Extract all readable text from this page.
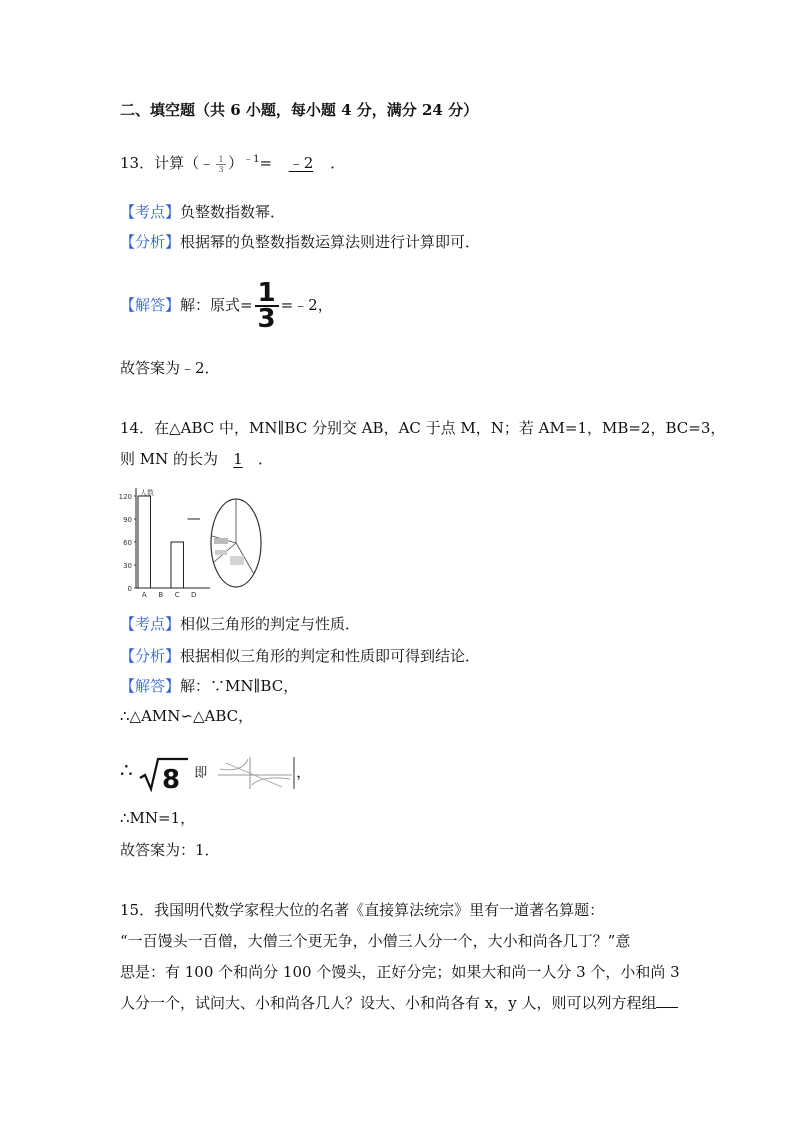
二、填空题（共 6 小题，每小题 4 分，满分 24 分）
13．计算（﹣ $\frac{1}{3} )^{﹣1}=$ ﹣2 ．
【考点】负整数指数幂．
【分析】根据幂的负整数指数运算法则进行计算即可．
【解答】解：原式= $\frac{1}{3}$ =﹣2，
故答案为﹣2．
14．在△ABC 中，MN∥BC 分别交 AB，AC 于点 M，N；若 AM=1，MB=2，BC=3，
则 MN 的长为 1 ．
人数
120
90
60
30
0
A B C D
【考点】相似三角形的判定与性质．
【分析】根据相似三角形的判定和性质即可得到结论．
【解答】解：∵MN∥BC，
∴△AMN∽△ABC，
∴ 8 即	，
∴MN=1，
故答案为：1．
15．我国明代数学家程大位的名著《直接算法统宗》里有一道著名算题：
“一百馒头一百僧，大僧三个更无争，小僧三人分一个，大小和尚各几丁？”意
思是：有 100 个和尚分 100 个馒头，正好分完；如果大和尚一人分 3 个，小和尚 3
人分一个，试问大、小和尚各几人？设大、小和尚各有 x，y 人，则可以列方程组
